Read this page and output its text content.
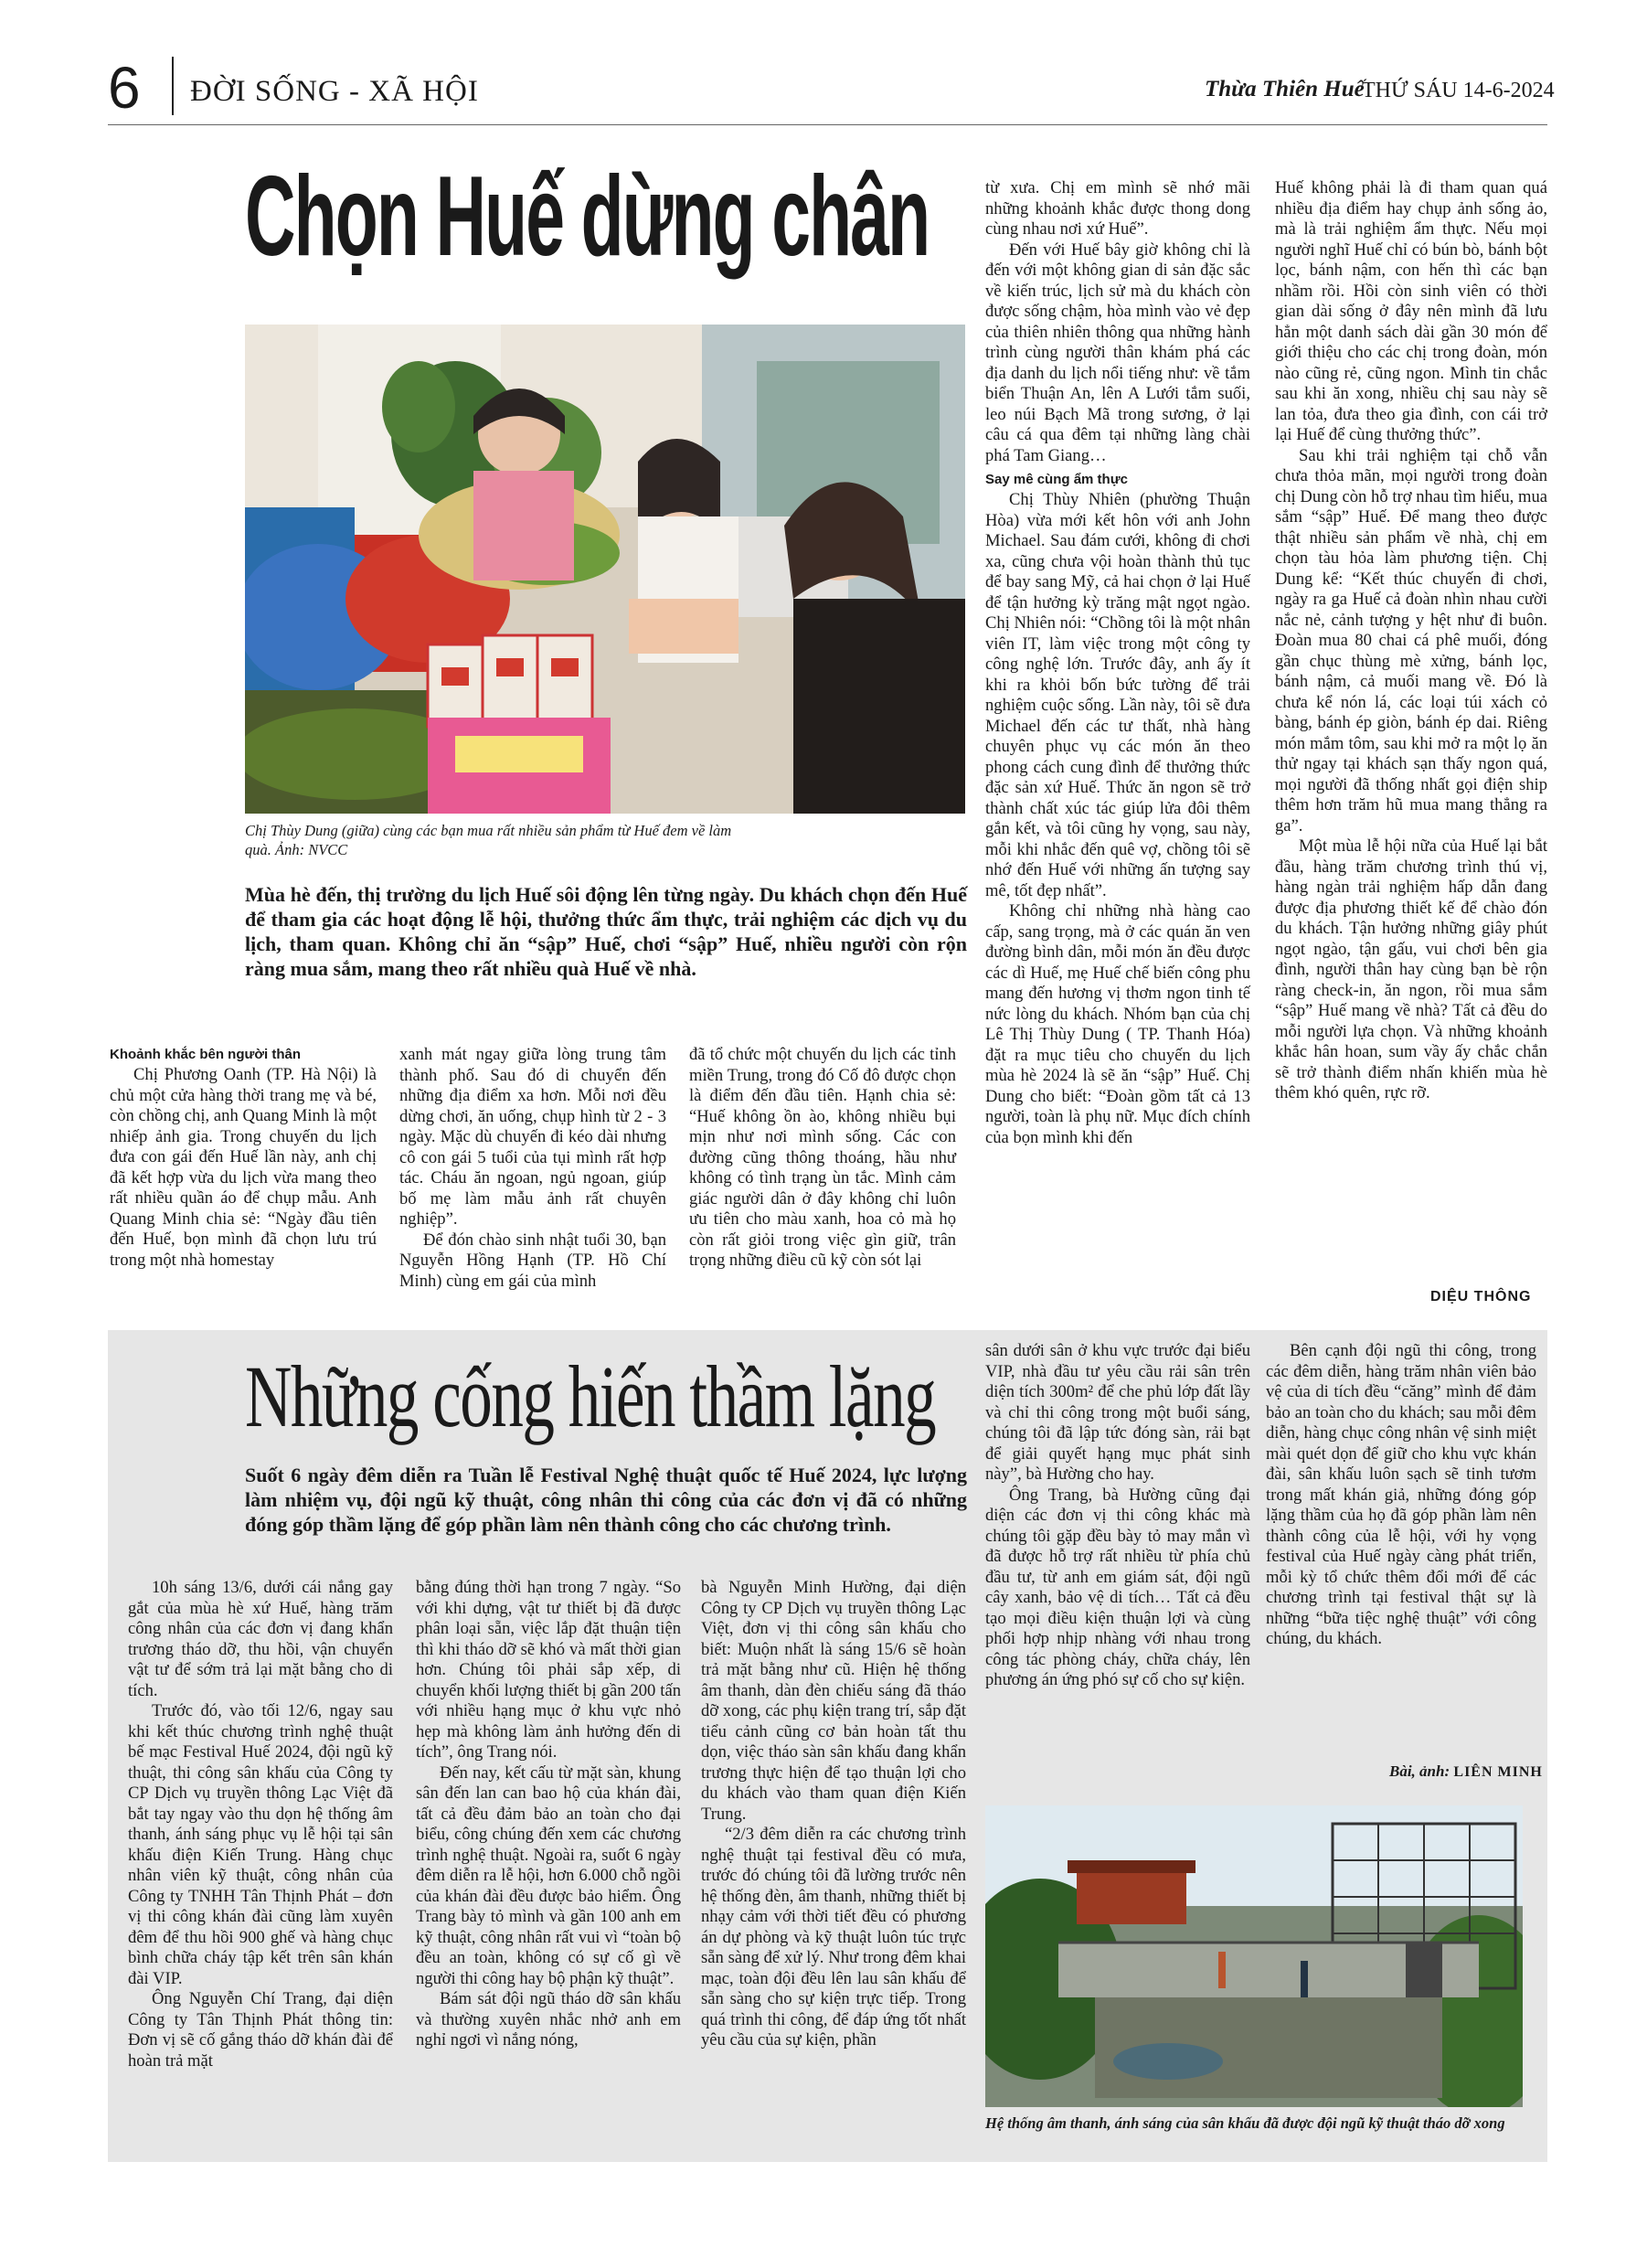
6 ĐỜI SỐNG - XÃ HỘI	Thừa Thiên Huế
THỨ SÁU 14-6-2024
Chọn Huế dừng chân
Chị Thùy Dung (giữa) cùng các bạn mua rất nhiều sản phẩm từ Huế đem về làm quà. Ảnh: NVCC
Mùa hè đến, thị trường du lịch Huế sôi động lên từng ngày. Du khách chọn đến Huế để tham gia các hoạt động lễ hội, thưởng thức ẩm thực, trải nghiệm các dịch vụ du lịch, tham quan. Không chỉ ăn “sập” Huế, chơi “sập” Huế, nhiều người còn rộn ràng mua sắm, mang theo rất nhiều quà Huế về nhà.
Khoảnh khắc bên người thân

Chị Phương Oanh (TP. Hà Nội) là chủ một cửa hàng thời trang mẹ và bé, còn chồng chị, anh Quang Minh là một nhiếp ảnh gia. Trong chuyến du lịch đưa con gái đến Huế lần này, anh chị đã kết hợp vừa du lịch vừa mang theo rất nhiều quần áo để chụp mẫu. Anh Quang Minh chia sẻ: “Ngày đầu tiên đến Huế, bọn mình đã chọn lưu trú trong một nhà homestay

xanh mát ngay giữa lòng trung tâm thành phố. Sau đó di chuyển đến những địa điểm xa hơn. Mỗi nơi đều dừng chơi, ăn uống, chụp hình từ 2 - 3 ngày. Mặc dù chuyến đi kéo dài nhưng cô con gái 5 tuổi của tụi mình rất hợp tác. Cháu ăn ngoan, ngủ ngoan, giúp bố mẹ làm mẫu ảnh rất chuyên nghiệp”.

Để đón chào sinh nhật tuổi 30, bạn Nguyễn Hồng Hạnh (TP. Hồ Chí Minh) cùng em gái của mình

đã tổ chức một chuyến du lịch các tỉnh miền Trung, trong đó Cố đô được chọn là điểm đến đầu tiên. Hạnh chia sẻ: “Huế không ồn ào, không nhiều bụi mịn như nơi mình sống. Các con đường cũng thông thoáng, hầu như không có tình trạng ùn tắc. Mình cảm giác người dân ở đây không chỉ luôn ưu tiên cho màu xanh, hoa cỏ mà họ còn rất giỏi trong việc gìn giữ, trân trọng những điều cũ kỹ còn sót lại

từ xưa. Chị em mình sẽ nhớ mãi những khoảnh khắc được thong dong cùng nhau nơi xứ Huế”.

Đến với Huế bây giờ không chỉ là đến với một không gian di sản đặc sắc về kiến trúc, lịch sử mà du khách còn được sống chậm, hòa mình vào vẻ đẹp của thiên nhiên thông qua những hành trình cùng người thân khám phá các địa danh du lịch nổi tiếng như: về tắm biển Thuận An, lên A Lưới tắm suối, leo núi Bạch Mã trong sương, ở lại câu cá qua đêm tại những làng chài phá Tam Giang…

Say mê cùng ẩm thực

Chị Thùy Nhiên (phường Thuận Hòa) vừa mới kết hôn với anh John Michael. Sau đám cưới, không đi chơi xa, cũng chưa vội hoàn thành thủ tục để bay sang Mỹ, cả hai chọn ở lại Huế để tận hưởng kỳ trăng mật ngọt ngào. Chị Nhiên nói: “Chồng tôi là một nhân viên IT, làm việc trong một công ty công nghệ lớn. Trước đây, anh ấy ít khi ra khỏi bốn bức tường để trải nghiệm cuộc sống. Lần này, tôi sẽ đưa Michael đến các tư thất, nhà hàng chuyên phục vụ các món ăn theo phong cách cung đình để thưởng thức đặc sản xứ Huế. Thức ăn ngon sẽ trở thành chất xúc tác giúp lửa đôi thêm gắn kết, và tôi cũng hy vọng, sau này, mỗi khi nhắc đến quê vợ, chồng tôi sẽ nhớ đến Huế với những ấn tượng say mê, tốt đẹp nhất”.

Không chỉ những nhà hàng cao cấp, sang trọng, mà ở các quán ăn ven đường bình dân, mỗi món ăn đều được các dì Huế, mẹ Huế chế biến công phu mang đến hương vị thơm ngon tinh tế nức lòng du khách. Nhóm bạn của chị Lê Thị Thùy Dung ( TP. Thanh Hóa) đặt ra mục tiêu cho chuyến du lịch mùa hè 2024 là sẽ ăn “sập” Huế. Chị Dung cho biết: “Đoàn gồm tất cả 13 người, toàn là phụ nữ. Mục đích chính của bọn mình khi đến

Huế không phải là đi tham quan quá nhiều địa điểm hay chụp ảnh sống ảo, mà là trải nghiệm ẩm thực. Nếu mọi người nghĩ Huế chỉ có bún bò, bánh bột lọc, bánh nậm, con hến thì các bạn nhầm rồi. Hồi còn sinh viên có thời gian dài sống ở đây nên mình đã lưu hẳn một danh sách dài gần 30 món để giới thiệu cho các chị trong đoàn, món nào cũng rẻ, cũng ngon. Mình tin chắc sau khi ăn xong, nhiều chị sau này sẽ lan tỏa, đưa theo gia đình, con cái trở lại Huế để cùng thưởng thức”.

Sau khi trải nghiệm tại chỗ vẫn chưa thỏa mãn, mọi người trong đoàn chị Dung còn hỗ trợ nhau tìm hiểu, mua sắm “sập” Huế. Để mang theo được thật nhiều sản phẩm về nhà, chị em chọn tàu hỏa làm phương tiện. Chị Dung kể: “Kết thúc chuyến đi chơi, ngày ra ga Huế cả đoàn nhìn nhau cười nắc nẻ, cảnh tượng y hệt như đi buôn. Đoàn mua 80 chai cá phê muối, đóng gần chục thùng mè xửng, bánh lọc, bánh nậm, cả muối mang về. Đó là chưa kể nón lá, các loại túi xách cỏ bàng, bánh ép giòn, bánh ép dai. Riêng món mắm tôm, sau khi mở ra một lọ ăn thử ngay tại khách sạn thấy ngon quá, mọi người đã thống nhất gọi điện ship thêm hơn trăm hũ mua mang thẳng ra ga”.

Một mùa lễ hội nữa của Huế lại bắt đầu, hàng trăm chương trình thú vị, hàng ngàn trải nghiệm hấp dẫn đang được địa phương thiết kế để chào đón du khách. Tận hưởng những giây phút ngọt ngào, tận gấu, vui chơi bên gia đình, người thân hay cùng bạn bè rộn ràng check-in, ăn ngon, rồi mua sắm “sập” Huế mang về nhà? Tất cả đều do mỗi người lựa chọn. Và những khoảnh khắc hân hoan, sum vầy ấy chắc chắn sẽ trở thành điểm nhấn khiến mùa hè thêm khó quên, rực rỡ.

DIỆU THÔNG
Những cống hiến thầm lặng
Suốt 6 ngày đêm diễn ra Tuần lễ Festival Nghệ thuật quốc tế Huế 2024, lực lượng làm nhiệm vụ, đội ngũ kỹ thuật, công nhân thi công của các đơn vị đã có những đóng góp thầm lặng để góp phần làm nên thành công cho các chương trình.

10h sáng 13/6, dưới cái nắng gay gắt của mùa hè xứ Huế, hàng trăm công nhân của các đơn vị đang khẩn trương tháo dỡ, thu hồi, vận chuyển vật tư để sớm trả lại mặt bằng cho di tích.

Trước đó, vào tối 12/6, ngay sau khi kết thúc chương trình nghệ thuật bế mạc Festival Huế 2024, đội ngũ kỹ thuật, thi công sân khấu của Công ty CP Dịch vụ truyền thông Lạc Việt đã bắt tay ngay vào thu dọn hệ thống âm thanh, ánh sáng phục vụ lễ hội tại sân khấu điện Kiến Trung. Hàng chục nhân viên kỹ thuật, công nhân của Công ty TNHH Tân Thịnh Phát – đơn vị thi công khán đài cũng làm xuyên đêm để thu hồi 900 ghế và hàng chục bình chữa cháy tập kết trên sân khán đài VIP.

Ông Nguyễn Chí Trang, đại diện Công ty Tân Thịnh Phát thông tin: Đơn vị sẽ cố gắng tháo dỡ khán đài để hoàn trả mặt

bằng đúng thời hạn trong 7 ngày. “So với khi dựng, vật tư thiết bị đã được phân loại sẵn, việc lắp đặt thuận tiện thì khi tháo dỡ sẽ khó và mất thời gian hơn. Chúng tôi phải sắp xếp, di chuyển khối lượng thiết bị gần 200 tấn với nhiều hạng mục ở khu vực nhỏ hẹp mà không làm ảnh hưởng đến di tích”, ông Trang nói.

Đến nay, kết cấu từ mặt sàn, khung sân đến lan can bao hộ của khán đài, tất cả đều đảm bảo an toàn cho đại biểu, công chúng đến xem các chương trình nghệ thuật. Ngoài ra, suốt 6 ngày đêm diễn ra lễ hội, hơn 6.000 chỗ ngồi của khán đài đều được bảo hiểm. Ông Trang bày tỏ mình và gần 100 anh em kỹ thuật, công nhân rất vui vì “toàn bộ đều an toàn, không có sự cố gì về người thi công hay bộ phận kỹ thuật”.

Bám sát đội ngũ tháo dỡ sân khấu và thường xuyên nhắc nhở anh em nghỉ ngơi vì nắng nóng,

bà Nguyễn Minh Hường, đại diện Công ty CP Dịch vụ truyền thông Lạc Việt, đơn vị thi công sân khấu cho biết: Muộn nhất là sáng 15/6 sẽ hoàn trả mặt bằng như cũ. Hiện hệ thống âm thanh, dàn đèn chiếu sáng đã tháo dỡ xong, các phụ kiện trang trí, sắp đặt tiểu cảnh cũng cơ bản hoàn tất thu dọn, việc tháo sàn sân khấu đang khẩn trương thực hiện để tạo thuận lợi cho du khách vào tham quan điện Kiến Trung.

“2/3 đêm diễn ra các chương trình nghệ thuật tại festival đều có mưa, trước đó chúng tôi đã lường trước nên hệ thống đèn, âm thanh, những thiết bị nhạy cảm với thời tiết đều có phương án dự phòng và kỹ thuật luôn túc trực sẵn sàng để xử lý. Như trong đêm khai mạc, toàn đội đều lên lau sân khấu để sẵn sàng cho sự kiện trực tiếp. Trong quá trình thi công, để đáp ứng tốt nhất yêu cầu của sự kiện, phần

sân dưới sân ở khu vực trước đại biểu VIP, nhà đầu tư yêu cầu rải sân trên diện tích 300m² để che phủ lớp đất lầy và chỉ thi công trong một buổi sáng, chúng tôi đã lập tức đóng sàn, rải bạt để giải quyết hạng mục phát sinh này”, bà Hường cho hay.

Ông Trang, bà Hường cũng đại diện các đơn vị thi công khác mà chúng tôi gặp đều bày tỏ may mắn vì đã được hỗ trợ rất nhiều từ phía chủ đầu tư, từ anh em giám sát, đội ngũ cây xanh, bảo vệ di tích… Tất cả đều tạo mọi điều kiện thuận lợi và cùng phối hợp nhịp nhàng với nhau trong công tác phòng cháy, chữa cháy, lên phương án ứng phó sự cố cho sự kiện.

Bên cạnh đội ngũ thi công, trong các đêm diễn, hàng trăm nhân viên bảo vệ của di tích đều “căng” mình để đảm bảo an toàn cho du khách; sau mỗi đêm diễn, hàng chục công nhân vệ sinh miệt mài quét dọn để giữ cho khu vực khán đài, sân khấu luôn sạch sẽ tinh tươm trong mất khán giả, những đóng góp lặng thầm của họ đã góp phần làm nên thành công của lễ hội, với hy vọng festival của Huế ngày càng phát triển, mỗi kỳ tổ chức thêm đổi mới để các chương trình tại festival thật sự là những “bữa tiệc nghệ thuật” với công chúng, du khách.

Bài, ảnh: LIÊN MINH
Hệ thống âm thanh, ánh sáng của sân khấu đã được đội ngũ kỹ thuật tháo dỡ xong
